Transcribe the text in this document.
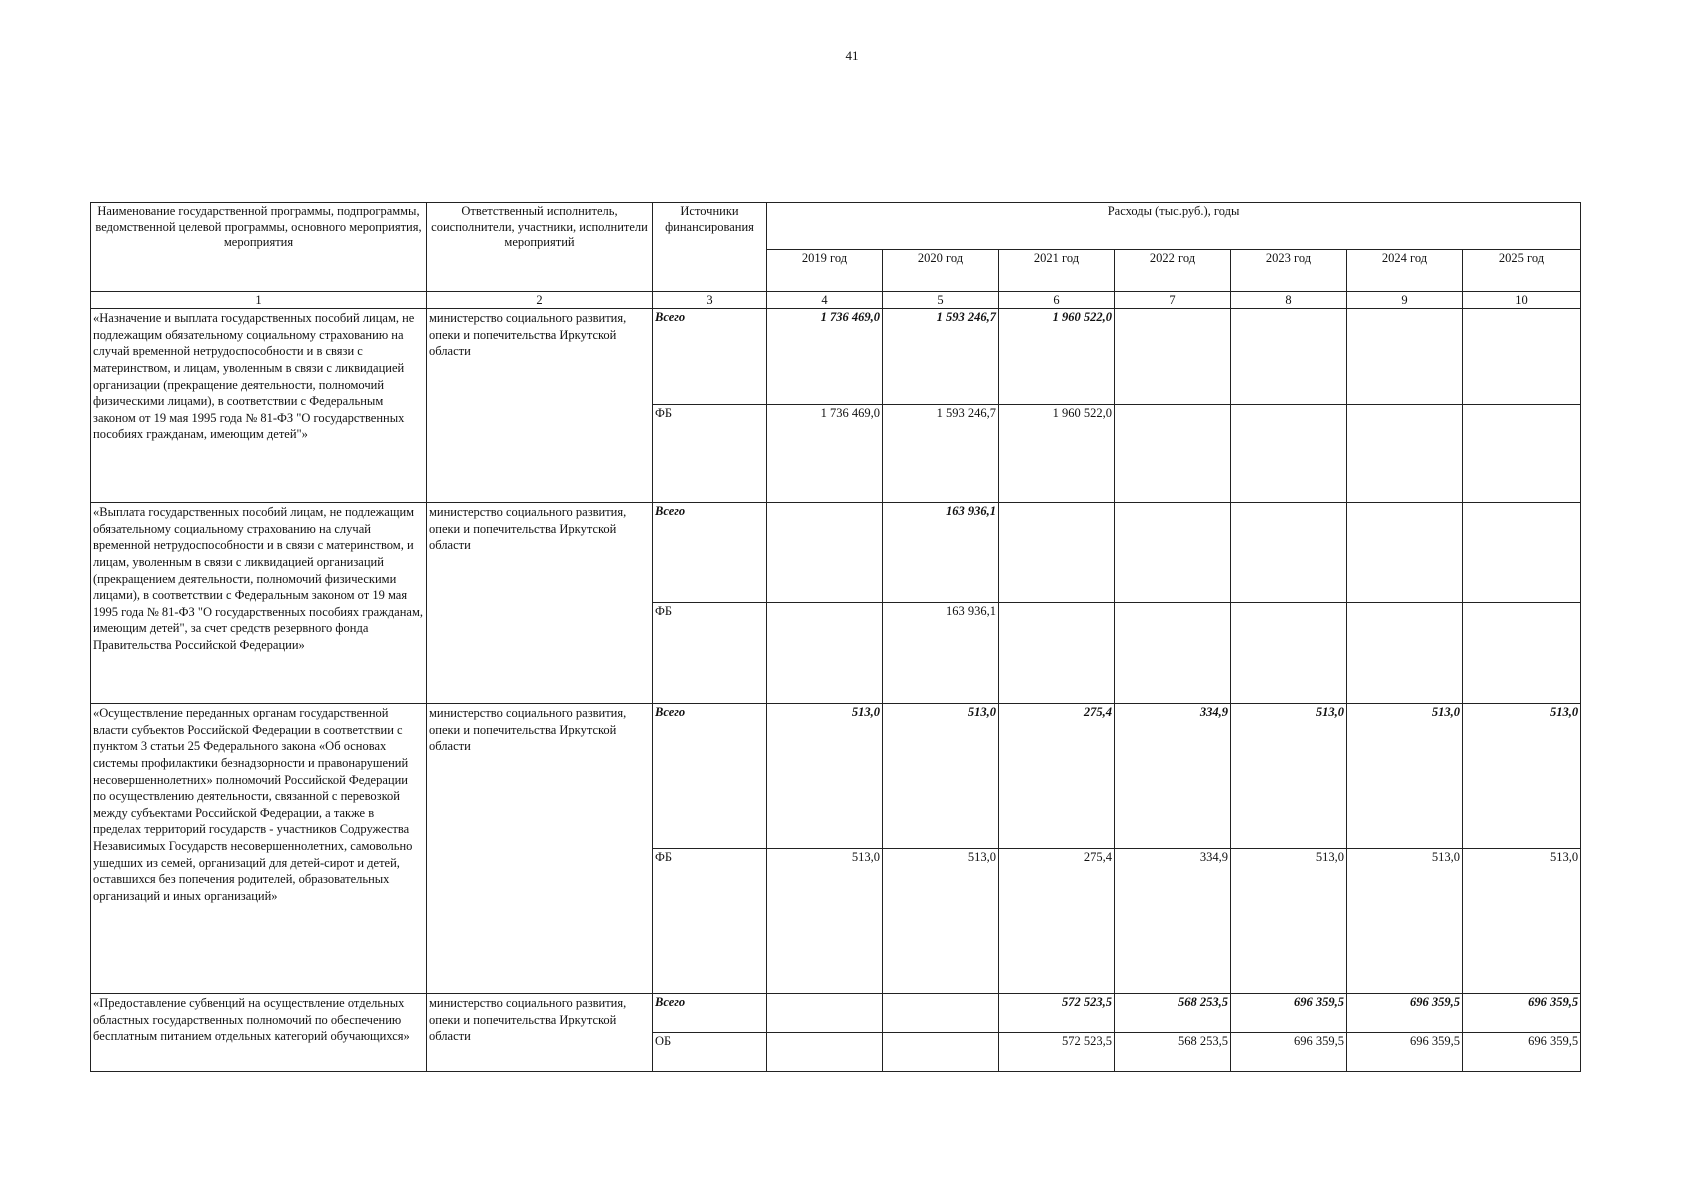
41
Наименование государственной программы, подпрограммы, ведомственной целевой программы, основного мероприятия, мероприятия	Ответственный исполнитель, соисполнители, участники, исполнители мероприятий	Источники финансирования	Расходы (тыс.руб.), годы						
			2019 год	2020 год	2021 год	2022 год	2023 год	2024 год	2025 год
1	2	3	4	5	6	7	8	9	10
«Назначение и выплата государственных пособий лицам, не подлежащим обязательному социальному страхованию на случай временной нетрудоспособности и в связи с материнством, и лицам, уволенным в связи с ликвидацией организации (прекращение деятельности, полномочий физическими лицами), в соответствии с Федеральным законом от 19 мая 1995 года № 81-ФЗ "О государственных пособиях гражданам, имеющим детей"»	министерство социального развития, опеки и попечительства Иркутской области	Всего	1 736 469,0	1 593 246,7	1 960 522,0				
		ФБ	1 736 469,0	1 593 246,7	1 960 522,0				
«Выплата государственных пособий лицам, не подлежащим обязательному социальному страхованию на случай временной нетрудоспособности и в связи с материнством, и лицам, уволенным в связи с ликвидацией организаций (прекращением деятельности, полномочий физическими лицами), в соответствии с Федеральным законом от 19 мая 1995 года № 81-ФЗ "О государственных пособиях гражданам, имеющим детей", за счет средств резервного фонда Правительства Российской Федерации»	министерство социального развития, опеки и попечительства Иркутской области	Всего		163 936,1					
		ФБ		163 936,1					
«Осуществление переданных органам государственной власти субъектов Российской Федерации в соответствии с пунктом 3 статьи 25 Федерального закона «Об основах системы профилактики безнадзорности и правонарушений несовершеннолетних» полномочий Российской Федерации по осуществлению деятельности, связанной с перевозкой между субъектами Российской Федерации, а также в пределах территорий государств - участников Содружества Независимых Государств несовершеннолетних, самовольно ушедших из семей, организаций для детей-сирот и детей, оставшихся без попечения родителей, образовательных организаций и иных организаций»	министерство социального развития, опеки и попечительства Иркутской области	Всего	513,0	513,0	275,4	334,9	513,0	513,0	513,0
		ФБ	513,0	513,0	275,4	334,9	513,0	513,0	513,0
«Предоставление субвенций на осуществление отдельных областных государственных полномочий по обеспечению бесплатным питанием отдельных категорий обучающихся»	министерство социального развития, опеки и попечительства Иркутской области	Всего			572 523,5	568 253,5	696 359,5	696 359,5	696 359,5
		ОБ			572 523,5	568 253,5	696 359,5	696 359,5	696 359,5
